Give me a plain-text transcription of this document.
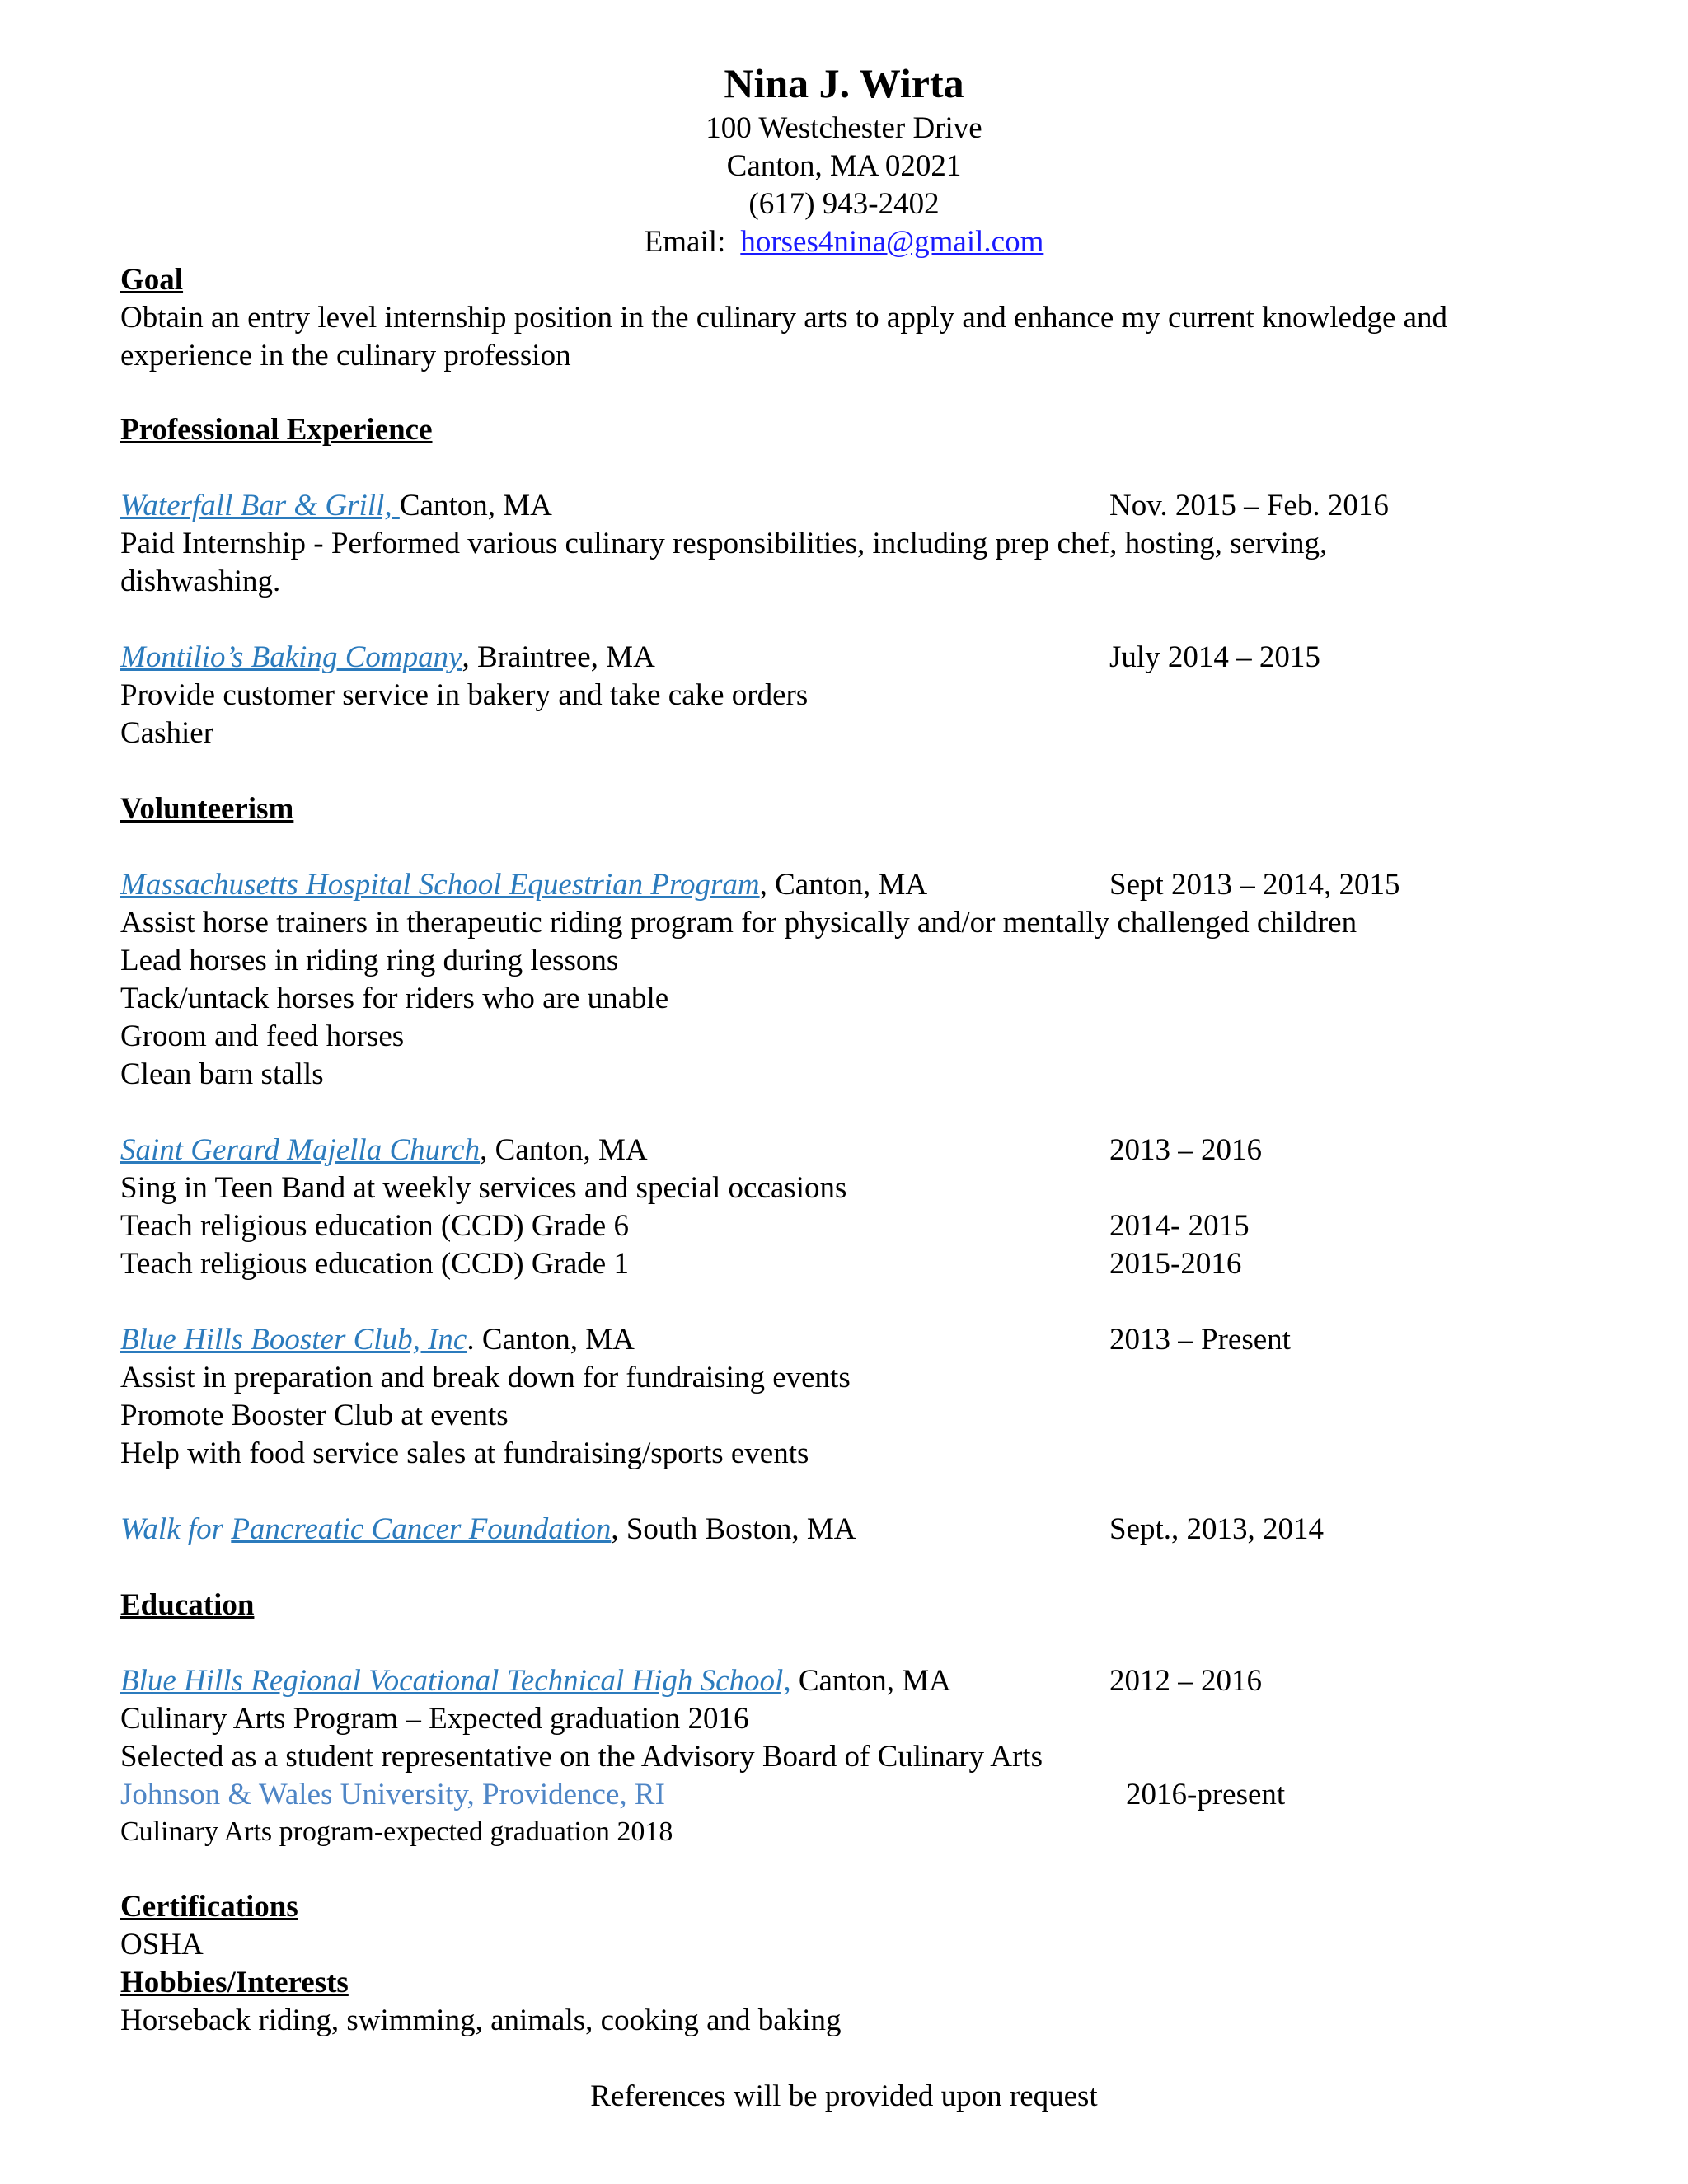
Nina J. Wirta
100 Westchester Drive
Canton, MA 02021
(617) 943-2402
Email: horses4nina@gmail.com
Goal
Obtain an entry level internship position in the culinary arts to apply and enhance my current knowledge and
experience in the culinary profession
Professional Experience
Waterfall Bar & Grill, Canton, MA	Nov. 2015 – Feb. 2016
Paid Internship - Performed various culinary responsibilities, including prep chef, hosting, serving,
dishwashing.
Montilio’s Baking Company, Braintree, MA	July 2014 – 2015
Provide customer service in bakery and take cake orders
Cashier
Volunteerism
Massachusetts Hospital School Equestrian Program, Canton, MA	Sept 2013 – 2014, 2015
Assist horse trainers in therapeutic riding program for physically and/or mentally challenged children
Lead horses in riding ring during lessons
Tack/untack horses for riders who are unable
Groom and feed horses
Clean barn stalls
Saint Gerard Majella Church, Canton, MA	2013 – 2016
Sing in Teen Band at weekly services and special occasions
Teach religious education (CCD) Grade 6	2014- 2015
Teach religious education (CCD) Grade 1	2015-2016
Blue Hills Booster Club, Inc. Canton, MA	2013 – Present
Assist in preparation and break down for fundraising events
Promote Booster Club at events
Help with food service sales at fundraising/sports events
Walk for Pancreatic Cancer Foundation, South Boston, MA	Sept., 2013, 2014
Education
Blue Hills Regional Vocational Technical High School, Canton, MA	2012 – 2016
Culinary Arts Program – Expected graduation 2016
Selected as a student representative on the Advisory Board of Culinary Arts
Johnson & Wales University, Providence, RI	2016-present
Culinary Arts program-expected graduation 2018
Certifications
OSHA
Hobbies/Interests
Horseback riding, swimming, animals, cooking and baking
References will be provided upon request
